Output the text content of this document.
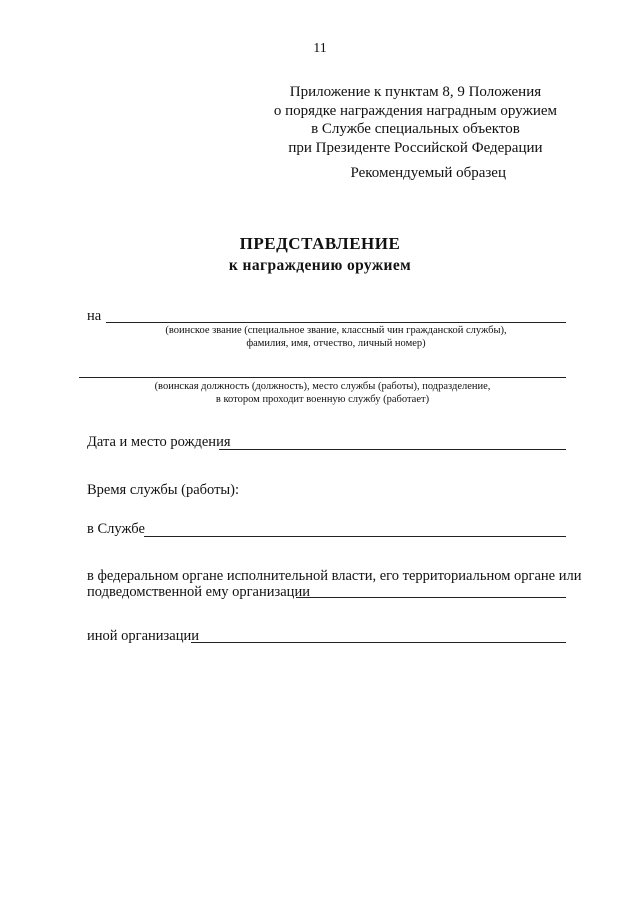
11
Приложение к пунктам 8, 9 Положения
о порядке награждения наградным оружием
в Службе специальных объектов
при Президенте Российской Федерации
Рекомендуемый образец
ПРЕДСТАВЛЕНИЕ
к награждению оружием
на
(воинское звание (специальное звание, классный чин гражданской службы),
фамилия, имя, отчество, личный номер)
(воинская должность (должность), место службы (работы), подразделение,
в котором проходит военную службу (работает)
Дата и место рождения
Время службы (работы):
в Службе
в федеральном органе исполнительной власти, его территориальном органе или
подведомственной ему организации
иной организации
